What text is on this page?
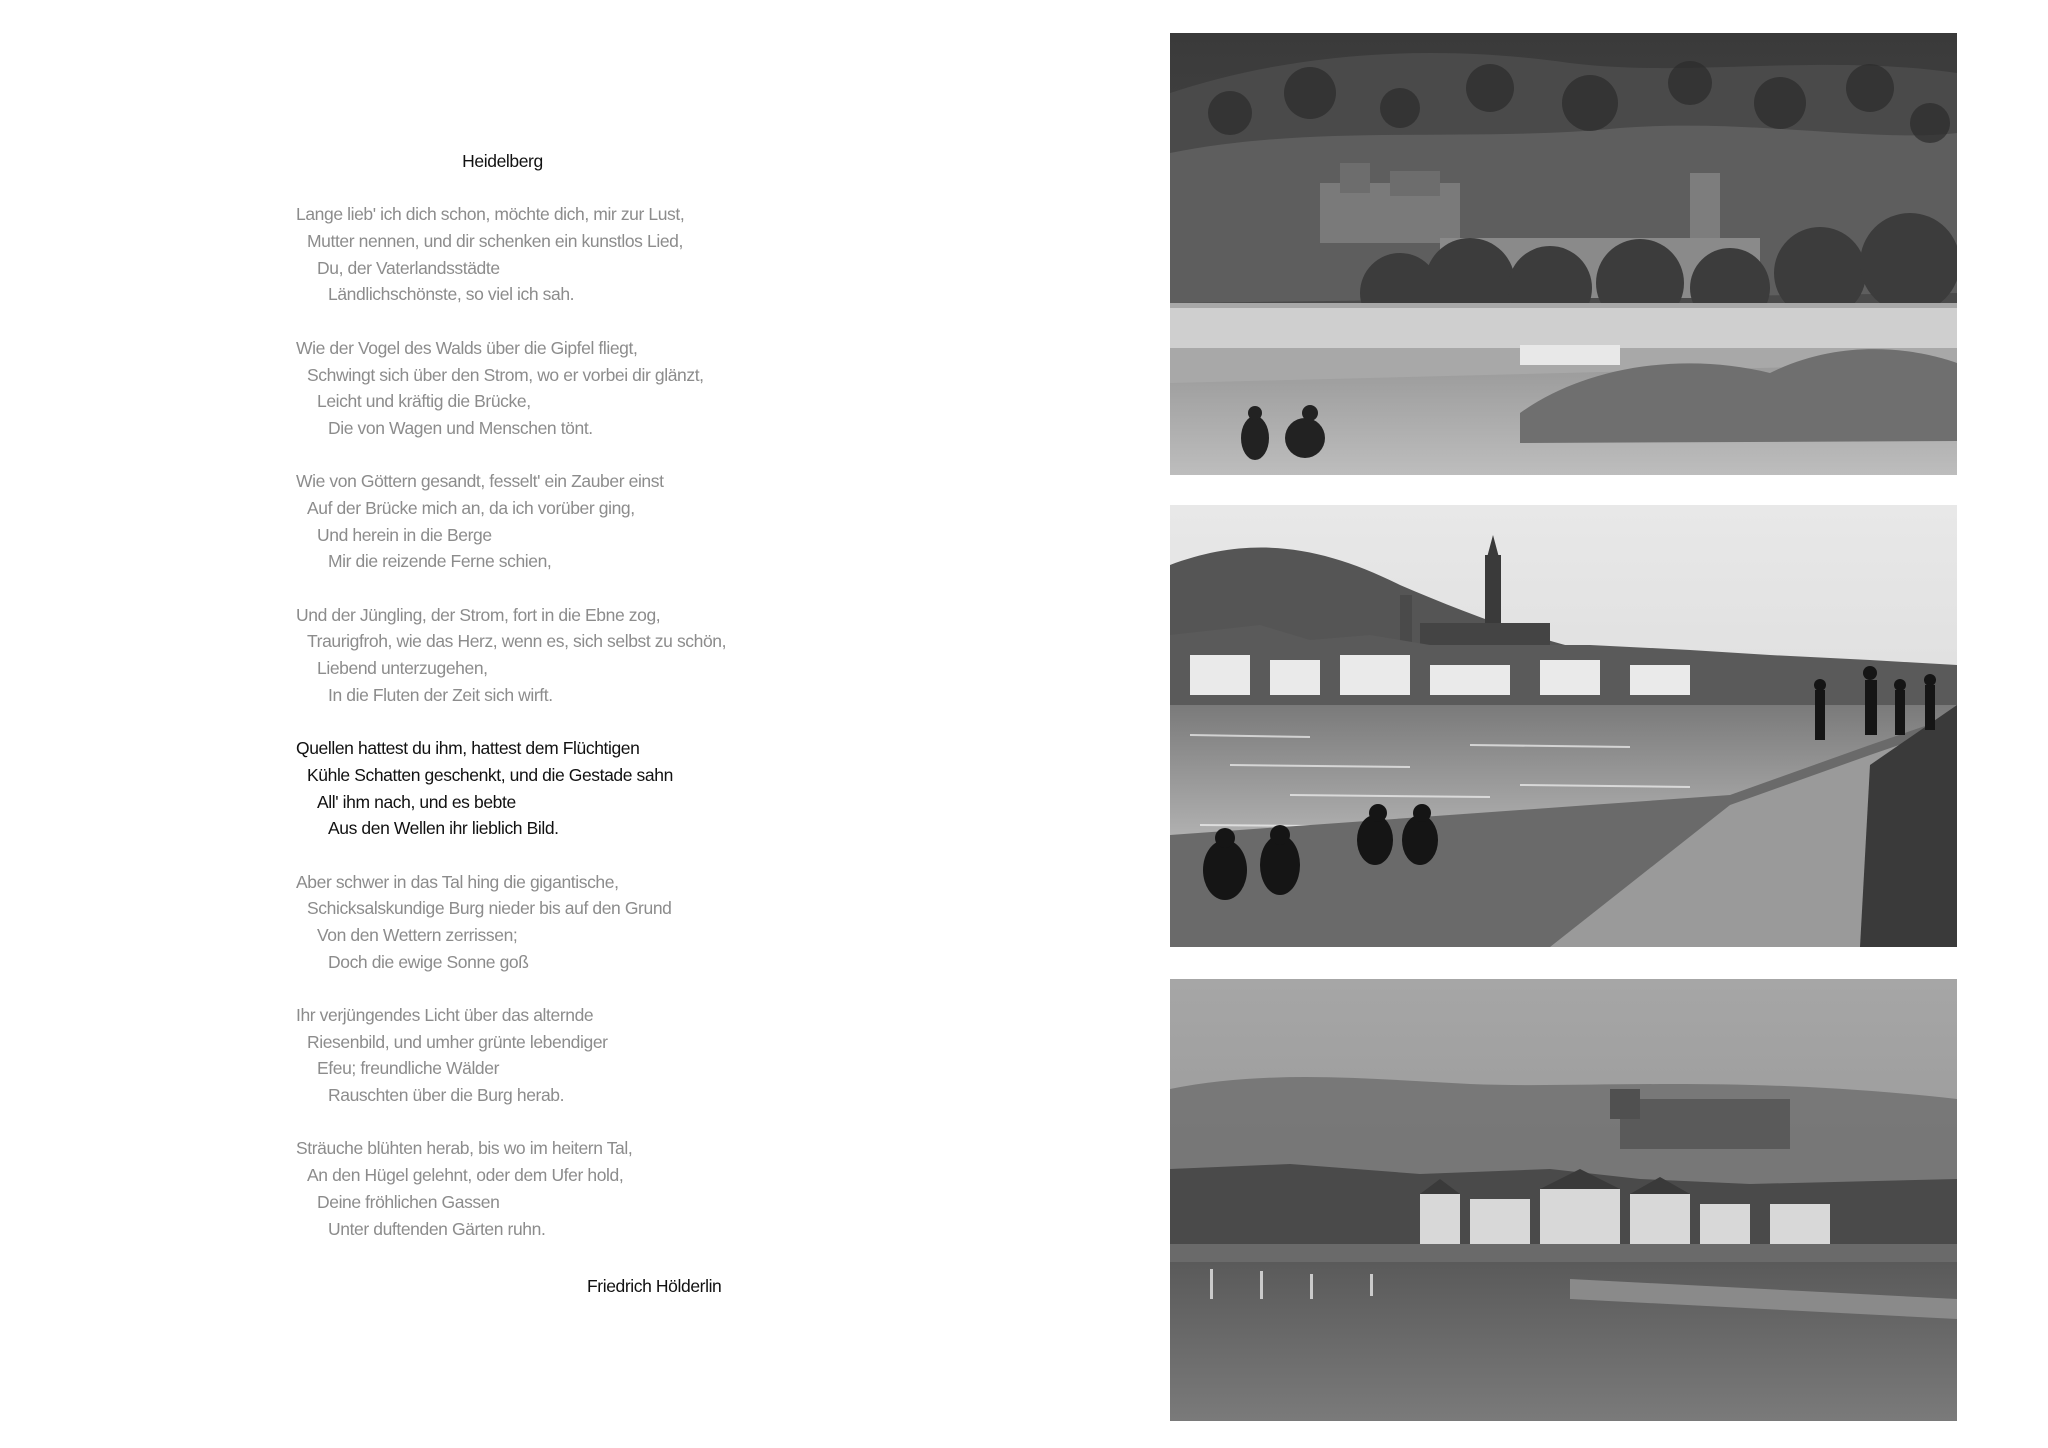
Heidelberg
Lange lieb' ich dich schon, möchte dich, mir zur Lust,
Mutter nennen, und dir schenken ein kunstlos Lied,
Du, der Vaterlandsstädte
Ländlichschönste, so viel ich sah.
Wie der Vogel des Walds über die Gipfel fliegt,
Schwingt sich über den Strom, wo er vorbei dir glänzt,
Leicht und kräftig die Brücke,
Die von Wagen und Menschen tönt.
Wie von Göttern gesandt, fesselt' ein Zauber einst
Auf der Brücke mich an, da ich vorüber ging,
Und herein in die Berge
Mir die reizende Ferne schien,
Und der Jüngling, der Strom, fort in die Ebne zog,
Traurigfroh, wie das Herz, wenn es, sich selbst zu schön,
Liebend unterzugehen,
In die Fluten der Zeit sich wirft.
Quellen hattest du ihm, hattest dem Flüchtigen
Kühle Schatten geschenkt, und die Gestade sahn
All' ihm nach, und es bebte
Aus den Wellen ihr lieblich Bild.
Aber schwer in das Tal hing die gigantische,
Schicksalskundige Burg nieder bis auf den Grund
Von den Wettern zerrissen;
Doch die ewige Sonne goß
Ihr verjüngendes Licht über das alternde
Riesenbild, und umher grünte lebendiger
Efeu; freundliche Wälder
Rauschten über die Burg herab.
Sträuche blühten herab, bis wo im heitern Tal,
An den Hügel gelehnt, oder dem Ufer hold,
Deine fröhlichen Gassen
Unter duftenden Gärten ruhn.
Friedrich Hölderlin
